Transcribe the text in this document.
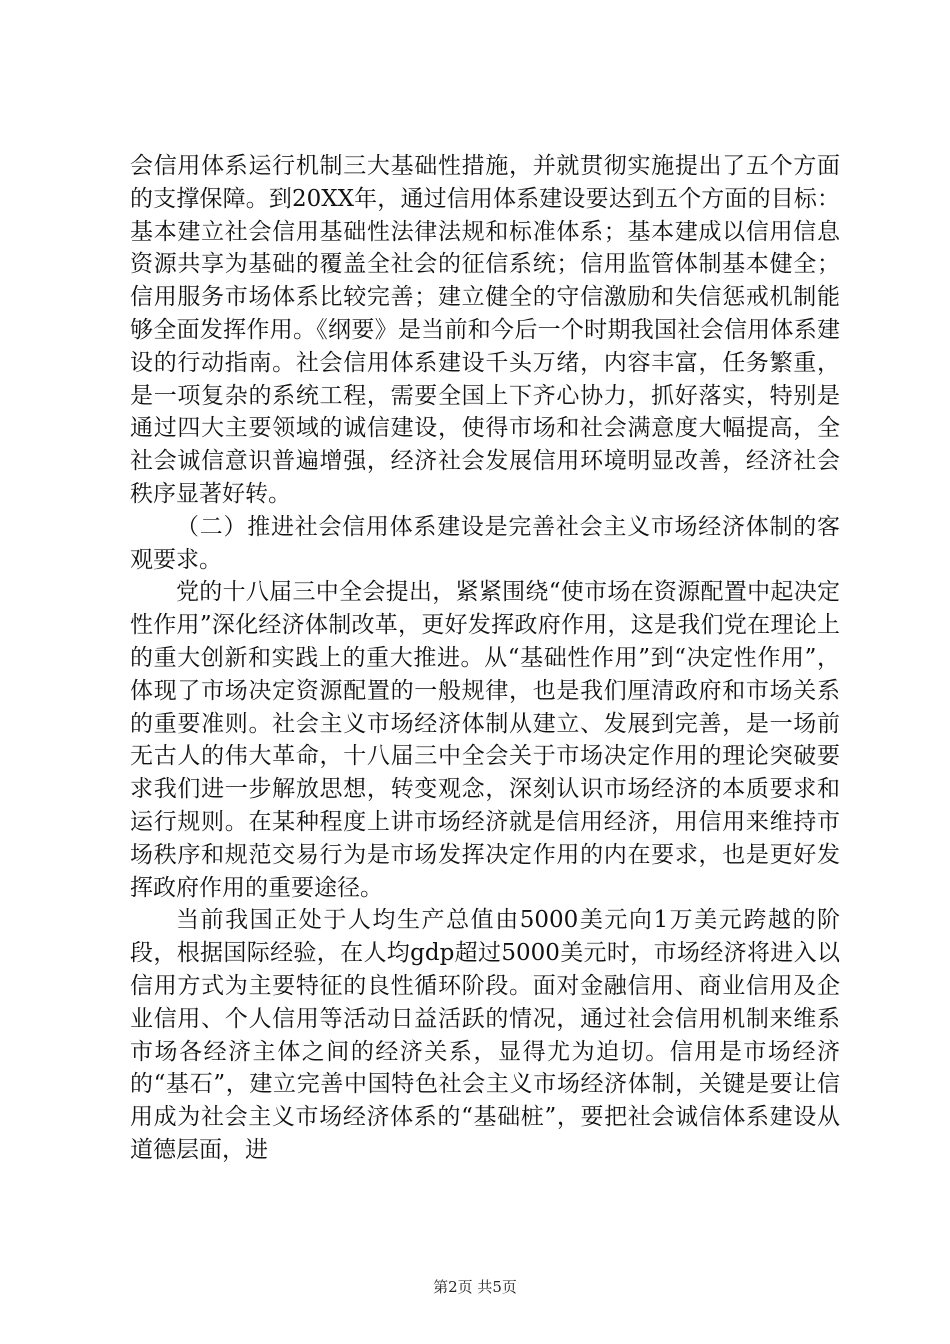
会信用体系运行机制三大基础性措施，并就贯彻实施提出了五个方面的支撑保障。到20XX年，通过信用体系建设要达到五个方面的目标：基本建立社会信用基础性法律法规和标准体系；基本建成以信用信息资源共享为基础的覆盖全社会的征信系统；信用监管体制基本健全；信用服务市场体系比较完善；建立健全的守信激励和失信惩戒机制能够全面发挥作用。《纲要》是当前和今后一个时期我国社会信用体系建设的行动指南。社会信用体系建设千头万绪，内容丰富，任务繁重，是一项复杂的系统工程，需要全国上下齐心协力，抓好落实，特别是通过四大主要领域的诚信建设，使得市场和社会满意度大幅提高，全社会诚信意识普遍增强，经济社会发展信用环境明显改善，经济社会秩序显著好转。

（二）推进社会信用体系建设是完善社会主义市场经济体制的客观要求。

党的十八届三中全会提出，紧紧围绕“使市场在资源配置中起决定性作用”深化经济体制改革，更好发挥政府作用，这是我们党在理论上的重大创新和实践上的重大推进。从“基础性作用”到“决定性作用”，体现了市场决定资源配置的一般规律，也是我们厘清政府和市场关系的重要准则。社会主义市场经济体制从建立、发展到完善，是一场前无古人的伟大革命，十八届三中全会关于市场决定作用的理论突破要求我们进一步解放思想，转变观念，深刻认识市场经济的本质要求和运行规则。在某种程度上讲市场经济就是信用经济，用信用来维持市场秩序和规范交易行为是市场发挥决定作用的内在要求，也是更好发挥政府作用的重要途径。

当前我国正处于人均生产总值由5000美元向1万美元跨越的阶段，根据国际经验，在人均gdp超过5000美元时，市场经济将进入以信用方式为主要特征的良性循环阶段。面对金融信用、商业信用及企业信用、个人信用等活动日益活跃的情况，通过社会信用机制来维系市场各经济主体之间的经济关系，显得尤为迫切。信用是市场经济的“基石”，建立完善中国特色社会主义市场经济体制，关键是要让信用成为社会主义市场经济体系的“基础桩”，要把社会诚信体系建设从道德层面，进

第2页 共5页
